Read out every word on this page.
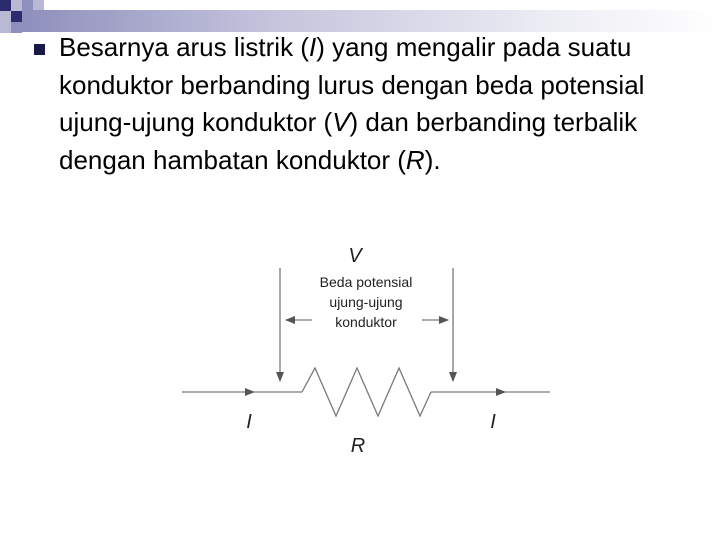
Besarnya arus listrik (I) yang mengalir pada suatu konduktor berbanding lurus dengan beda potensial ujung-ujung konduktor (V) dan berbanding terbalik dengan hambatan konduktor (R).

V
Beda potensial
ujung-ujung
konduktor
I	I
R
